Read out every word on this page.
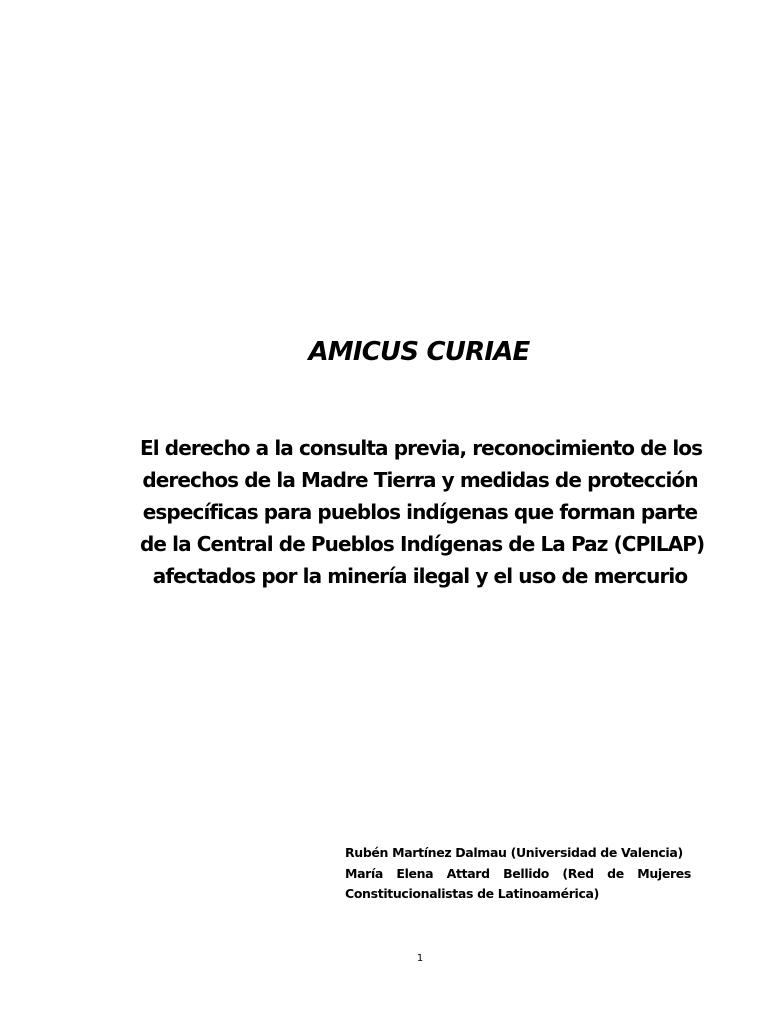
AMICUS CURIAE
El derecho a la consulta previa, reconocimiento de los
derechos de la Madre Tierra y medidas de protección
específicas para pueblos indígenas que forman parte
de la Central de Pueblos Indígenas de La Paz (CPILAP)
afectados por la minería ilegal y el uso de mercurio
Rubén Martínez Dalmau (Universidad de Valencia)
María Elena Attard Bellido (Red de Mujeres
Constitucionalistas de Latinoamérica)
1
